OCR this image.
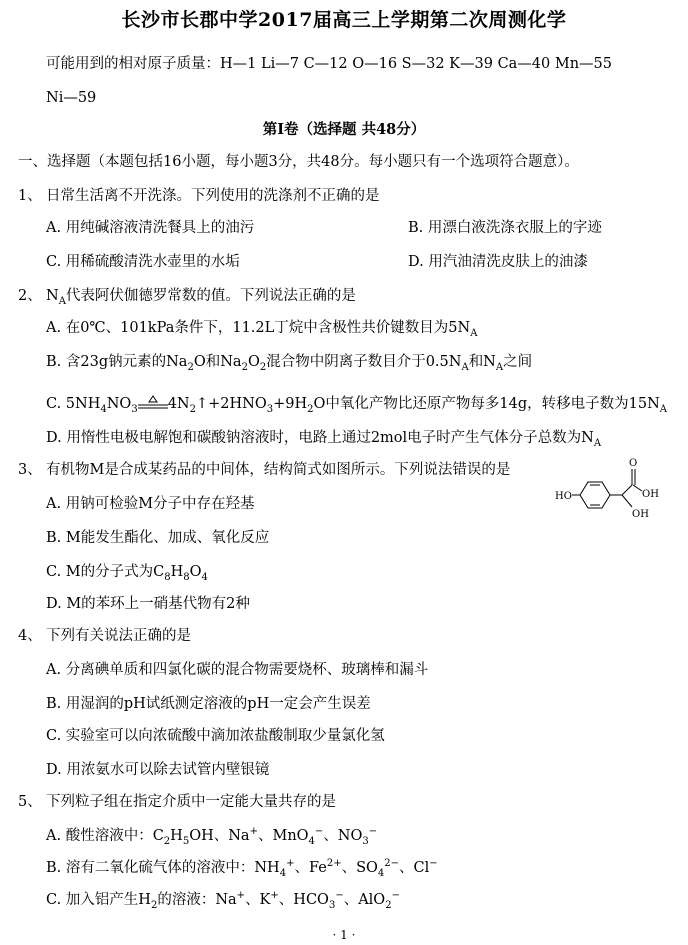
长沙市长郡中学2017届高三上学期第二次周测化学
可能用到的相对原子质量：H—1 Li—7 C—12 O—16 S—32 K—39 Ca—40 Mn—55
Ni—59
第Ⅰ卷（选择题 共48分）
一、选择题（本题包括16小题，每小题3分，共48分。每小题只有一个选项符合题意）。
1、 日常生活离不开洗涤。下列使用的洗涤剂不正确的是
A. 用纯碱溶液清洗餐具上的油污	B. 用漂白液洗涤衣服上的字迹
C. 用稀硫酸清洗水壶里的水垢	D. 用汽油清洗皮肤上的油漆
2、 $N_A$代表阿伏伽德罗常数的值。下列说法正确的是
A. 在0℃、101kPa条件下，11.2L丁烷中含极性共价键数目为$5N_A$
B. 含23g钠元素的$Na_2O$和$Na_2O_2$混合物中阴离子数目介于$0.5N_A$和$N_A$之间
C. $5NH_4NO_3$ $4N_2↑+2HNO_3+9H_2O$中氧化产物比还原产物每多14g，转移电子数为$15N_A$
D. 用惰性电极电解饱和碳酸钠溶液时，电路上通过2mol电子时产生气体分子总数为$N_A$
3、 有机物M是合成某药品的中间体，结构简式如图所示。下列说法错误的是
A. 用钠可检验M分子中存在羟基
B. M能发生酯化、加成、氧化反应
C. M的分子式为$C_8H_8O_4$
D. M的苯环上一硝基代物有2种
HO
O
OH
OH
4、 下列有关说法正确的是
A. 分离碘单质和四氯化碳的混合物需要烧杯、玻璃棒和漏斗
B. 用湿润的pH试纸测定溶液的pH一定会产生误差
C. 实验室可以向浓硫酸中滴加浓盐酸制取少量氯化氢
D. 用浓氨水可以除去试管内壁银镜
5、 下列粒子组在指定介质中一定能大量共存的是
A. 酸性溶液中：$C_2H_5OH$、Na+、MnO$_4$−、$NO_3^-$
B. 溶有二氧化硫气体的溶液中：$NH_4^+$、$Fe^{2+}$、$SO_4^{2-}$、Cl−
C. 加入铝产生$H_2$的溶液：Na+、K+、$HCO_3^-$、AlO$_2$−
· 1 ·
